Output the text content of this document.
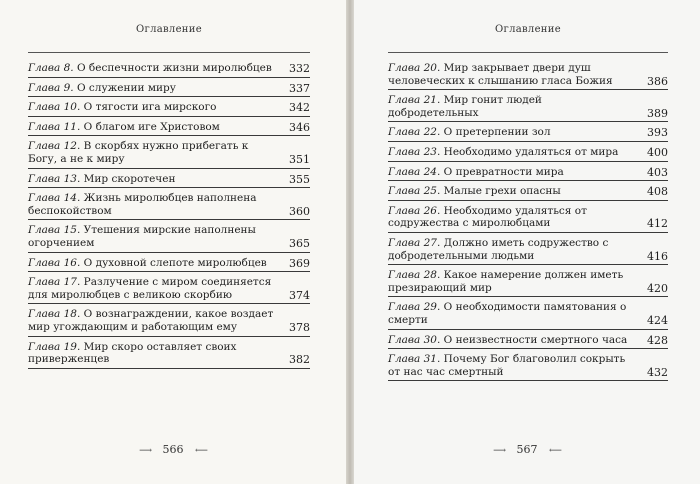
Оглавление
Глава 8. О беспечности жизни миролюбцев 332
Глава 9. О служении миру	337
Глава 10. О тягости ига мирского	342
Глава 11. О благом иге Христовом	346
Глава 12. В скорбях нужно прибегать к Богу, а не к миру	351
Глава 13. Мир скоротечен	355
Глава 14. Жизнь миролюбцев наполнена беспокойством	360
Глава 15. Утешения мирские наполнены огорчением	365
Глава 16. О духовной слепоте миролюбцев 369
Глава 17. Разлучение с миром соединяется для миролюбцев с великою скорбию	374
Глава 18. О вознаграждении, какое воздает мир угождающим и работающим ему	378
Глава 19. Мир скоро оставляет своих приверженцев	382
⟶ 566 ⟵
Оглавление
Глава 20. Мир закрывает двери душ человеческих к слышанию гласа Божия	386
Глава 21. Мир гонит людей добродетельных	389
Глава 22. О претерпении зол	393
Глава 23. Необходимо удаляться от мира	400
Глава 24. О превратности мира	403
Глава 25. Малые грехи опасны	408
Глава 26. Необходимо удаляться от содружества с миролюбцами	412
Глава 27. Должно иметь содружество с добродетельными людьми	416
Глава 28. Какое намерение должен иметь презирающий мир	420
Глава 29. О необходимости памятования о смерти	424
Глава 30. О неизвестности смертного часа 428
Глава 31. Почему Бог благоволил сокрыть от нас час смертный	432
⟶ 567 ⟵
